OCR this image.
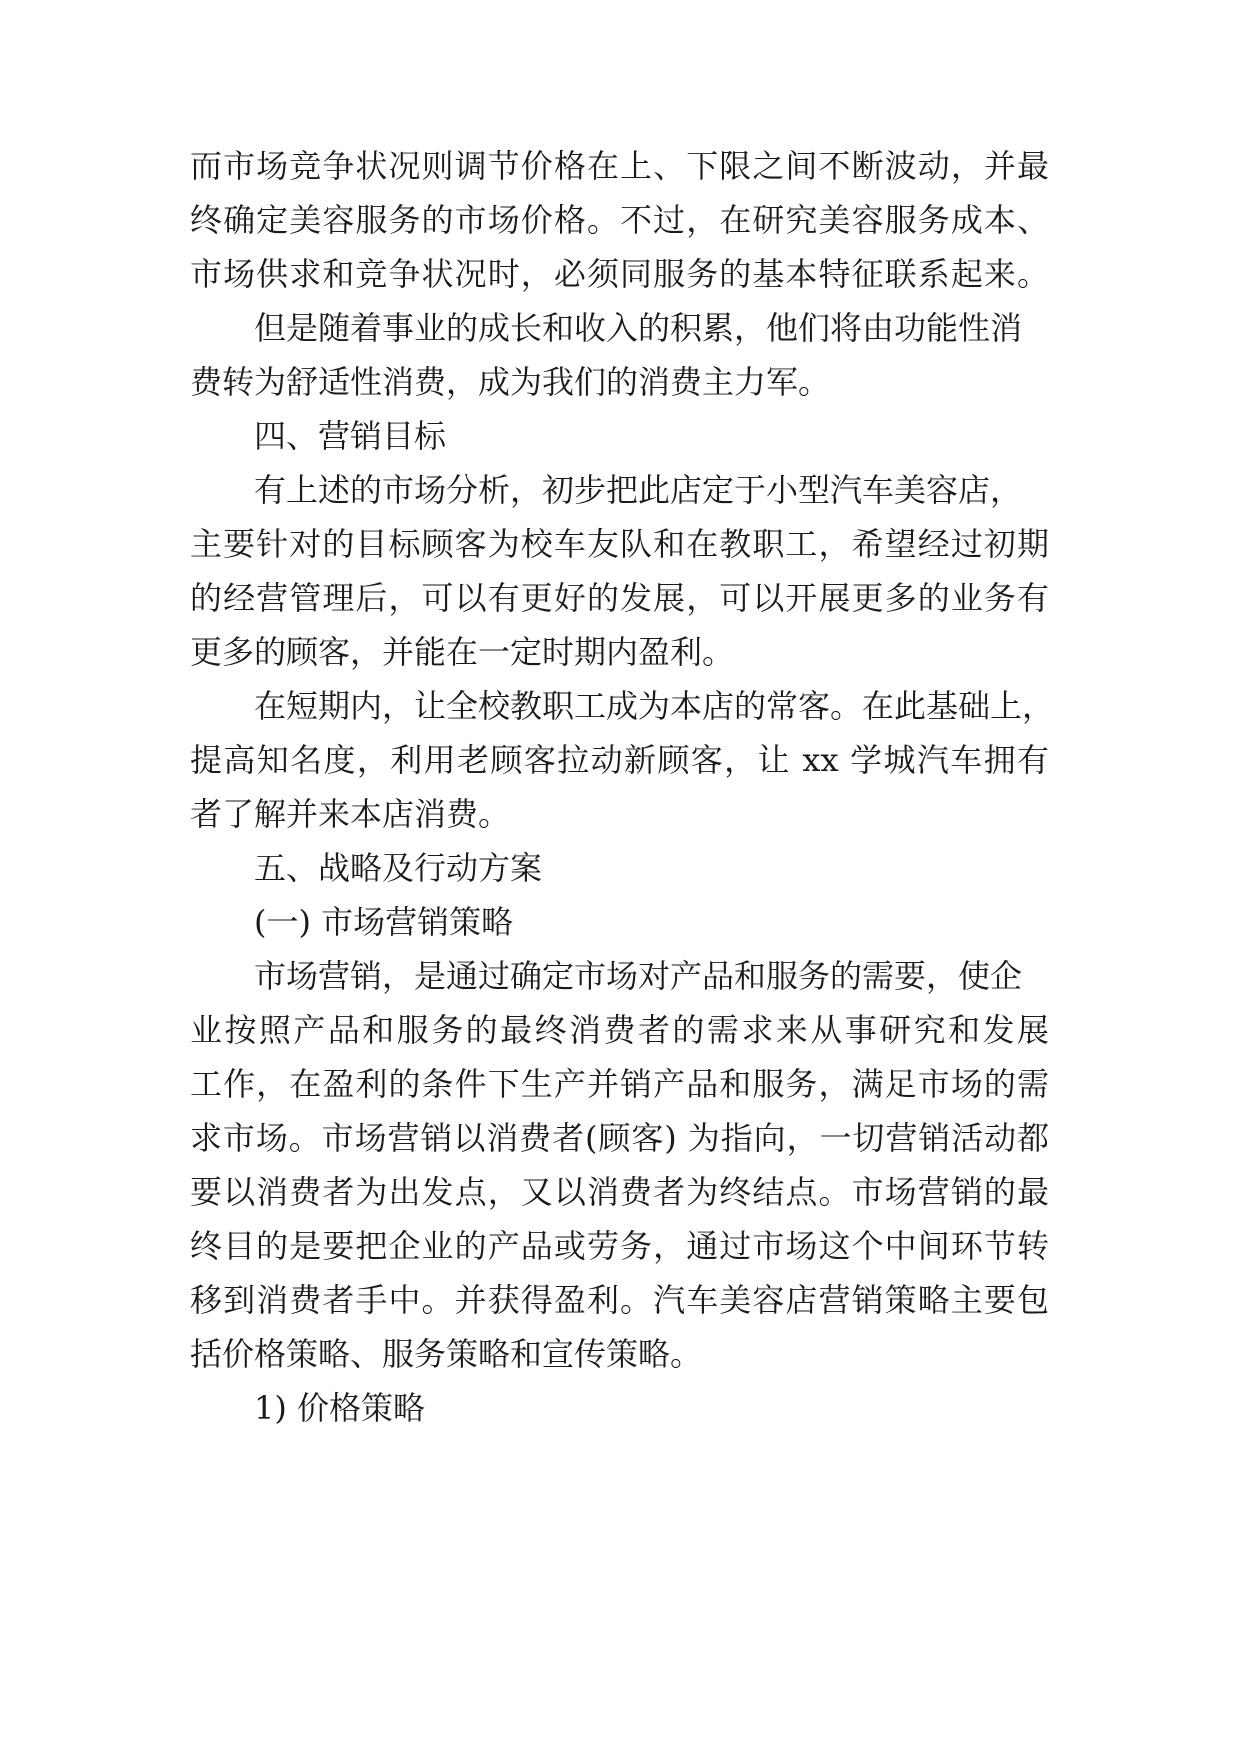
而市场竞争状况则调节价格在上、下限之间不断波动，并最
终确定美容服务的市场价格。不过，在研究美容服务成本、
市场供求和竞争状况时，必须同服务的基本特征联系起来。
但是随着事业的成长和收入的积累，他们将由功能性消
费转为舒适性消费，成为我们的消费主力军。
四、营销目标
有上述的市场分析，初步把此店定于小型汽车美容店，
主要针对的目标顾客为校车友队和在教职工，希望经过初期
的经营管理后，可以有更好的发展，可以开展更多的业务有
更多的顾客，并能在一定时期内盈利。
在短期内，让全校教职工成为本店的常客。在此基础上，
提高知名度，利用老顾客拉动新顾客，让 xx 学城汽车拥有
者了解并来本店消费。
五、战略及行动方案
(一) 市场营销策略
市场营销，是通过确定市场对产品和服务的需要，使企
业按照产品和服务的最终消费者的需求来从事研究和发展
工作，在盈利的条件下生产并销产品和服务，满足市场的需
求市场。市场营销以消费者(顾客) 为指向，一切营销活动都
要以消费者为出发点，又以消费者为终结点。市场营销的最
终目的是要把企业的产品或劳务，通过市场这个中间环节转
移到消费者手中。并获得盈利。汽车美容店营销策略主要包
括价格策略、服务策略和宣传策略。
1) 价格策略
